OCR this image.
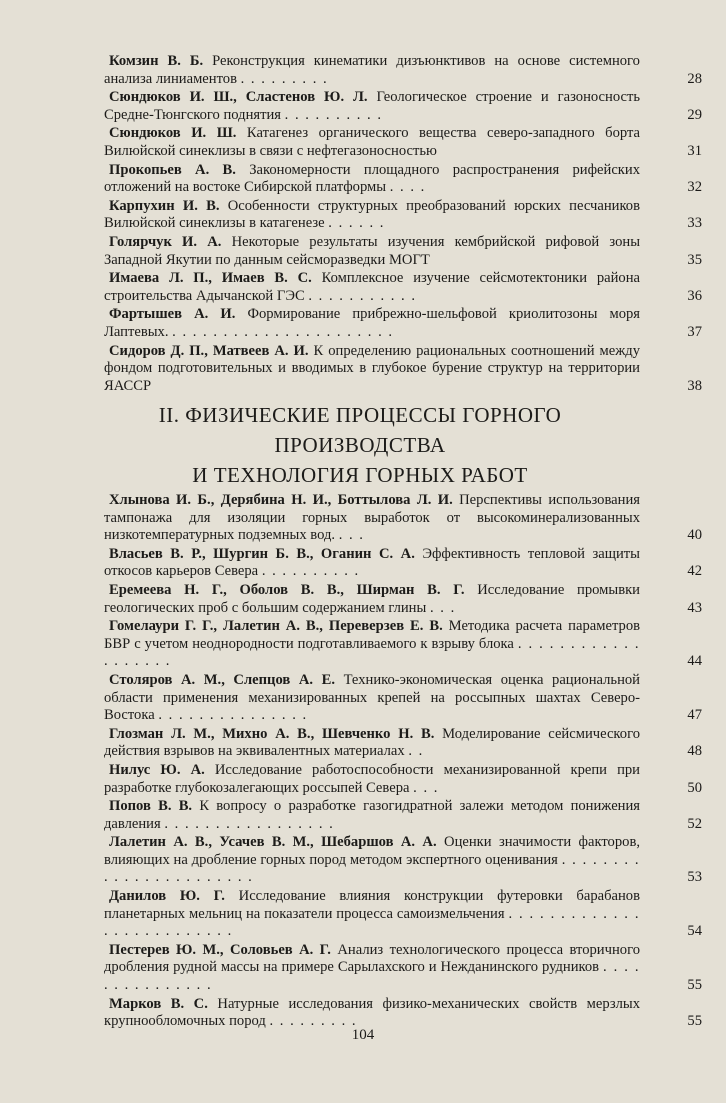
Комзин В. Б. Реконструкция кинематики дизъюнктивов на основе системного анализа линиаментов . . . . . . . . .	28
Сюндюков И. Ш., Сластенов Ю. Л. Геологическое строение и газоносность Средне-Тюнгского поднятия . . . . . . . . . .	29
Сюндюков И. Ш. Катагенез органического вещества северо-западного борта Вилюйской синеклизы в связи с нефтегазоносностью	31
Прокопьев А. В. Закономерности площадного распространения рифейских отложений на востоке Сибирской платформы . . . .	32
Карпухин И. В. Особенности структурных преобразований юрских песчаников Вилюйской синеклизы в катагенезе . . . . . .	33
Голярчук И. А. Некоторые результаты изучения кембрийской рифовой зоны Западной Якутии по данным сейсморазведки МОГТ	35
Имаева Л. П., Имаев В. С. Комплексное изучение сейсмотектоники района строительства Адычанской ГЭС . . . . . . . . . . .	36
Фартышев А. И. Формирование прибрежно-шельфовой криолитозоны моря Лаптевых. . . . . . . . . . . . . . . . . . . . . . .	37
Сидоров Д. П., Матвеев А. И. К определению рациональных соотношений между фондом подготовительных и вводимых в глубокое бурение структур на территории ЯАССР	38
II. ФИЗИЧЕСКИЕ ПРОЦЕССЫ ГОРНОГО
ПРОИЗВОДСТВА
И ТЕХНОЛОГИЯ ГОРНЫХ РАБОТ
Хлынова И. Б., Дерябина Н. И., Боттылова Л. И. Перспективы использования тампонажа для изоляции горных выработок от высокоминерализованных низкотемпературных подземных вод. . . .	40
Власьев В. Р., Шургин Б. В., Оганин С. А. Эффективность тепловой защиты откосов карьеров Севера . . . . . . . . . .	42
Еремеева Н. Г., Оболов В. В., Ширман В. Г. Исследование промывки геологических проб с большим содержанием глины . . .	43
Гомелаури Г. Г., Лалетин А. В., Переверзев Е. В. Методика расчета параметров БВР с учетом неоднородности подготавливаемого к взрыву блока . . . . . . . . . . . . . . . . . . .	44
Столяров А. М., Слепцов А. Е. Технико-экономическая оценка рациональной области применения механизированных крепей на россыпных шахтах Северо-Востока . . . . . . . . . . . . . . .	47
Глозман Л. М., Михно А. В., Шевченко Н. В. Моделирование сейсмического действия взрывов на эквивалентных материалах . .	48
Нилус Ю. А. Исследование работоспособности механизированной крепи при разработке глубокозалегающих россыпей Севера . . .	50
Попов В. В. К вопросу о разработке газогидратной залежи методом понижения давления . . . . . . . . . . . . . . . . .	52
Лалетин А. В., Усачев В. М., Шебаршов А. А. Оценки значимости факторов, влияющих на дробление горных пород методом экспертного оценивания . . . . . . . . . . . . . . . . . . . . . . .	53
Данилов Ю. Г. Исследование влияния конструкции футеровки барабанов планетарных мельниц на показатели процесса самоизмельчения . . . . . . . . . . . . . . . . . . . . . . . . . .	54
Пестерев Ю. М., Соловьев А. Г. Анализ технологического процесса вторичного дробления рудной массы на примере Сарылахского и Нежданинского рудников . . . . . . . . . . . . . . .	55
Марков В. С. Натурные исследования физико-механических свойств мерзлых крупнообломочных пород . . . . . . . . .	55
104
